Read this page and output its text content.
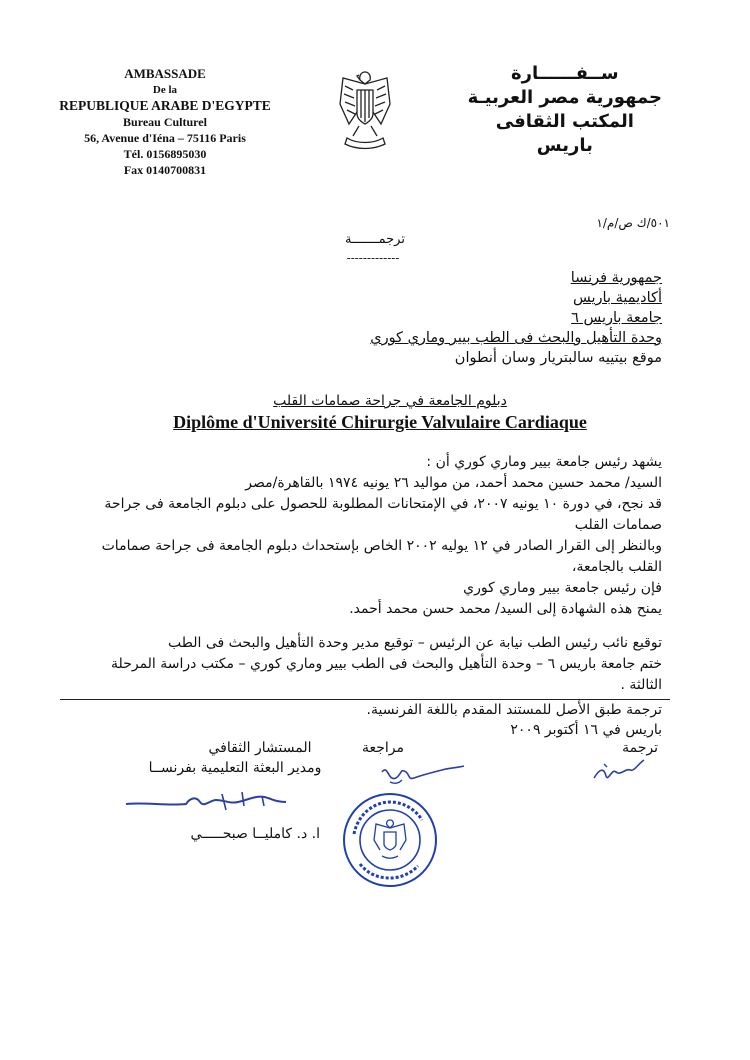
AMBASSADE
De la
REPUBLIQUE ARABE D'EGYPTE
Bureau Culturel
56, Avenue d'Iéna – 75116 Paris
Tél. 0156895030
Fax 0140700831
ســفــــــارة
جمهورية مصر العربيـة
المكتب الثقافى
باريس
٥٠١/ك ص/م/١
ترجمـــــــة
-------------
جمهورية فرنسا
أكاديمية باريس
جامعة باريس ٦
وحدة التأهيل والبحث فى الطب بيير وماري كوري
موقع بيتييه سالبتريار وسان أنطوان
دبلوم الجامعة في جراحة صمامات القلب
Diplôme d'Université Chirurgie Valvulaire Cardiaque

يشهد رئيس جامعة بيير وماري كوري أن :

السيد/ محمد حسين محمد أحمد، من مواليد ٢٦ يونيه ١٩٧٤ بالقاهرة/مصر

قد نجح، في دورة ١٠ يونيه ٢٠٠٧، في الإمتحانات المطلوبة للحصول على دبلوم الجامعة فى جراحة صمامات القلب

وبالنظر إلى القرار الصادر في ١٢ يوليه ٢٠٠٢ الخاص بإستحداث دبلوم الجامعة فى جراحة صمامات القلب بالجامعة،

فإن رئيس جامعة بيير وماري كوري

يمنح هذه الشهادة إلى السيد/ محمد حسن محمد أحمد.

توقيع نائب رئيس الطب نيابة عن الرئيس – توقيع مدير وحدة التأهيل والبحث فى الطب

ختم جامعة باريس ٦ – وحدة التأهيل والبحث فى الطب بيير وماري كوري – مكتب دراسة المرحلة الثالثة .

ترجمة طبق الأصل للمستند المقدم باللغة الفرنسية.
باريس في ١٦ أكتوبر ٢٠٠٩
ترجمة
مراجعة
المستشار الثقافي
ومدير البعثة التعليمية بفرنســا
ا. د. كامليــا صبحـــــي
